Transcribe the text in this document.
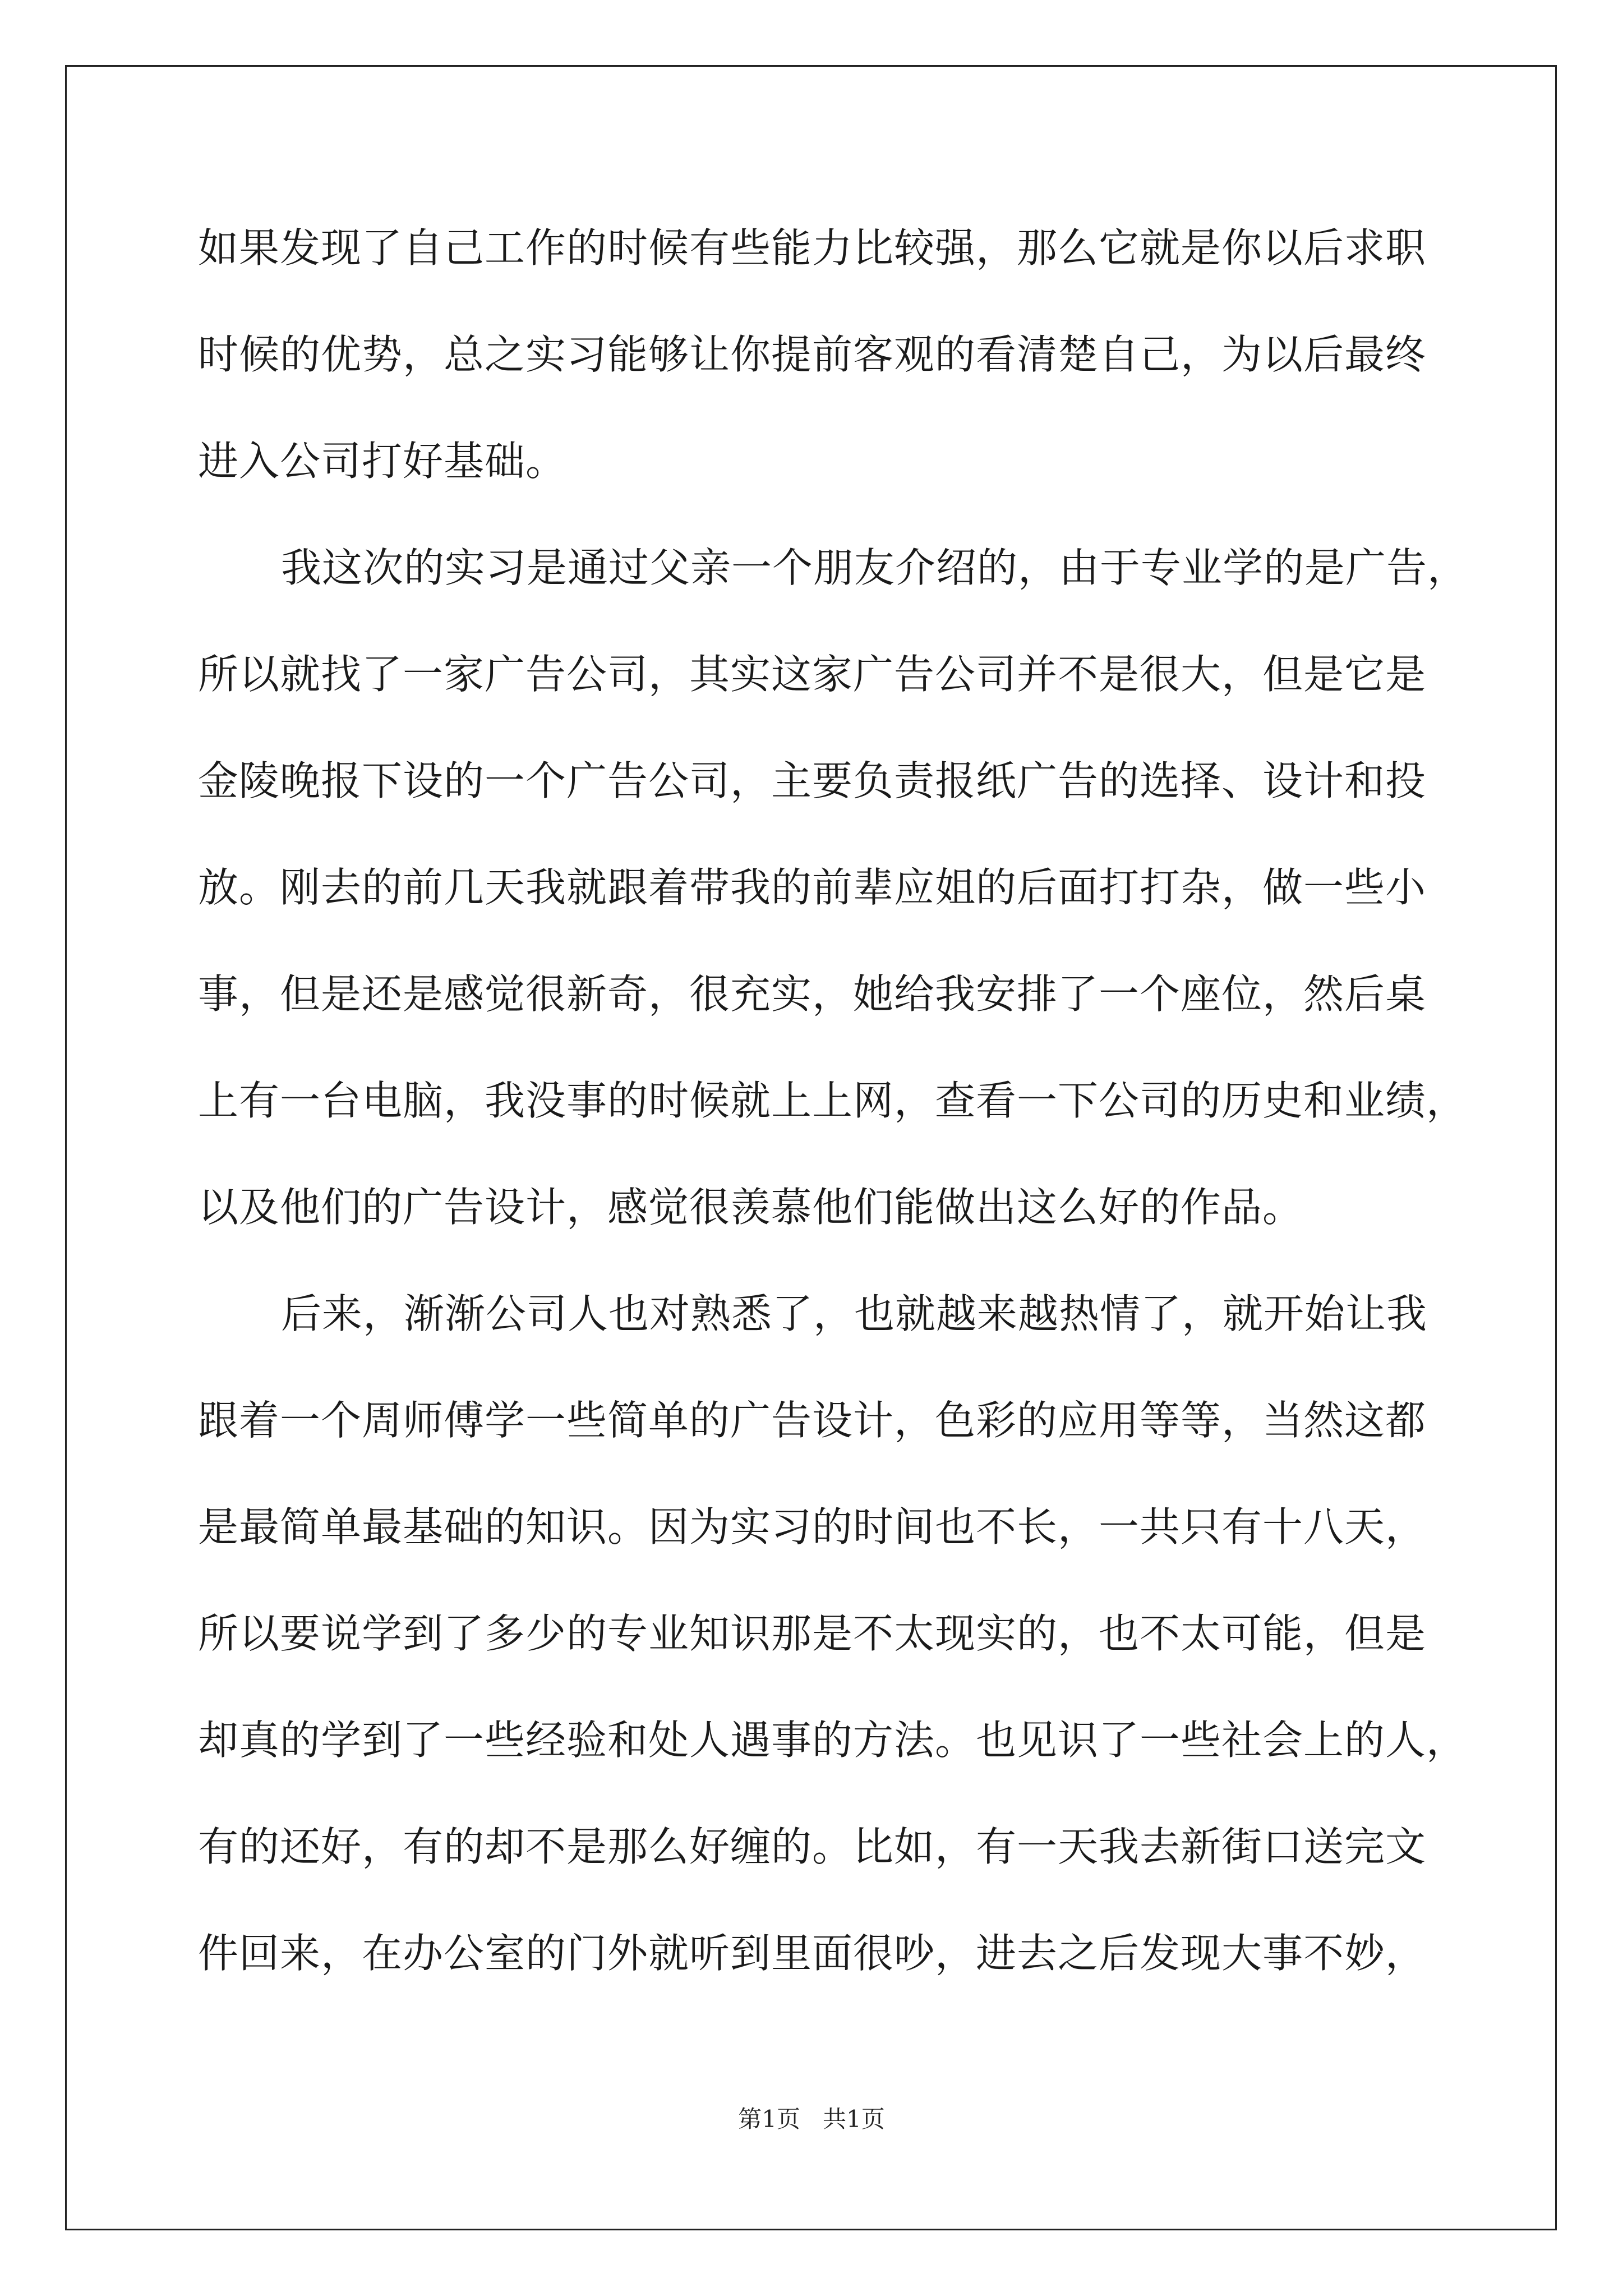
如果发现了自己工作的时候有些能力比较强，那么它就是你以后求职
时候的优势，总之实习能够让你提前客观的看清楚自己，为以后最终
进入公司打好基础。
我这次的实习是通过父亲一个朋友介绍的，由于专业学的是广告，
所以就找了一家广告公司，其实这家广告公司并不是很大，但是它是
金陵晚报下设的一个广告公司，主要负责报纸广告的选择、设计和投
放。刚去的前几天我就跟着带我的前辈应姐的后面打打杂，做一些小
事，但是还是感觉很新奇，很充实，她给我安排了一个座位，然后桌
上有一台电脑，我没事的时候就上上网，查看一下公司的历史和业绩，
以及他们的广告设计，感觉很羡慕他们能做出这么好的作品。
后来，渐渐公司人也对熟悉了，也就越来越热情了，就开始让我
跟着一个周师傅学一些简单的广告设计，色彩的应用等等，当然这都
是最简单最基础的知识。因为实习的时间也不长，一共只有十八天，
所以要说学到了多少的专业知识那是不太现实的，也不太可能，但是
却真的学到了一些经验和处人遇事的方法。也见识了一些社会上的人，
有的还好，有的却不是那么好缠的。比如，有一天我去新街口送完文
件回来，在办公室的门外就听到里面很吵，进去之后发现大事不妙，
第1页   共1页
